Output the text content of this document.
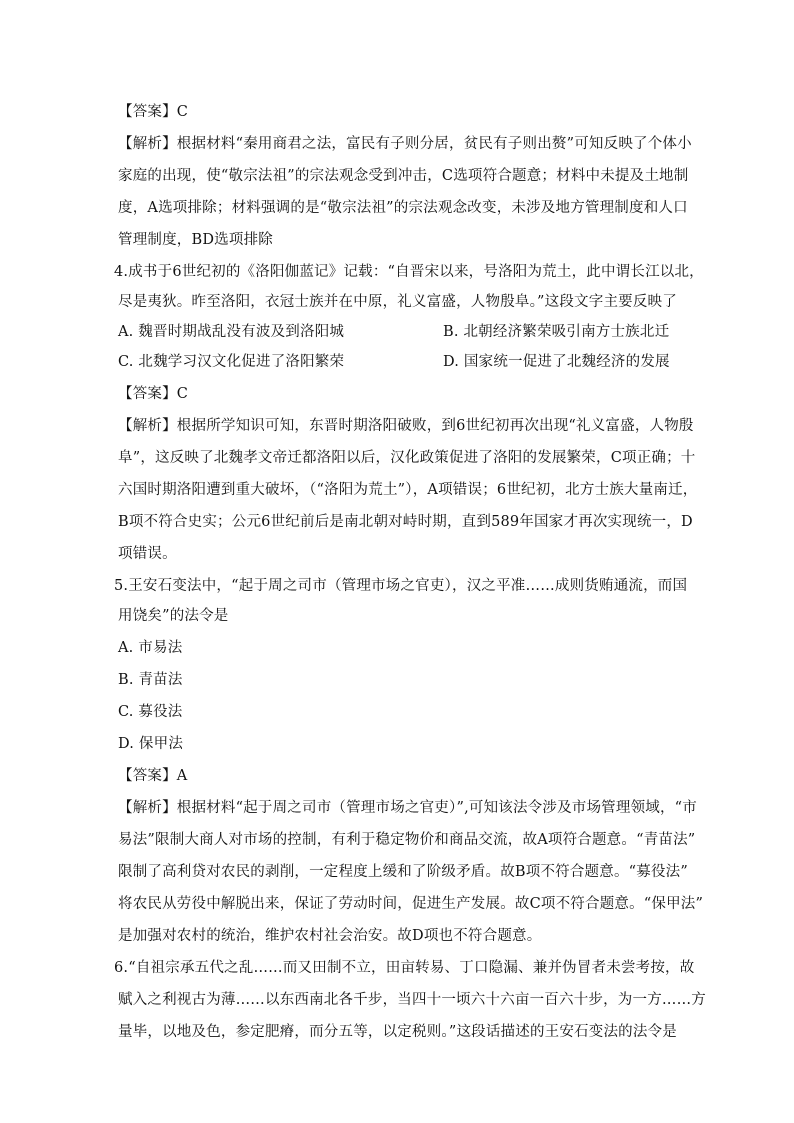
【答案】C
【解析】根据材料“秦用商君之法，富民有子则分居，贫民有子则出赘”可知反映了个体小
家庭的出现，使“敬宗法祖”的宗法观念受到冲击，C选项符合题意；材料中未提及土地制
度，A选项排除；材料强调的是“敬宗法祖”的宗法观念改变，未涉及地方管理制度和人口
管理制度，BD选项排除
4.成书于6世纪初的《洛阳伽蓝记》记载：“自晋宋以来，号洛阳为荒土，此中谓长江以北，
尽是夷狄。昨至洛阳，衣冠士族并在中原，礼义富盛，人物殷阜。”这段文字主要反映了
A. 魏晋时期战乱没有波及到洛阳城	B. 北朝经济繁荣吸引南方士族北迁
C. 北魏学习汉文化促进了洛阳繁荣	D. 国家统一促进了北魏经济的发展
【答案】C
【解析】根据所学知识可知，东晋时期洛阳破败，到6世纪初再次出现“礼义富盛，人物殷
阜”，这反映了北魏孝文帝迁都洛阳以后，汉化政策促进了洛阳的发展繁荣，C项正确；十
六国时期洛阳遭到重大破坏，（“洛阳为荒土”），A项错误；6世纪初，北方士族大量南迁，
B项不符合史实；公元6世纪前后是南北朝对峙时期，直到589年国家才再次实现统一，D
项错误。
5.王安石变法中，“起于周之司市（管理市场之官吏），汉之平准……成则货贿通流，而国
用饶矣”的法令是
A. 市易法
B. 青苗法
C. 募役法
D. 保甲法
【答案】A
【解析】根据材料“起于周之司市（管理市场之官吏）”,可知该法令涉及市场管理领域，“市
易法”限制大商人对市场的控制，有利于稳定物价和商品交流，故A项符合题意。“青苗法”
限制了高利贷对农民的剥削，一定程度上缓和了阶级矛盾。故B项不符合题意。“募役法”
将农民从劳役中解脱出来，保证了劳动时间，促进生产发展。故C项不符合题意。“保甲法”
是加强对农村的统治，维护农村社会治安。故D项也不符合题意。
6.“自祖宗承五代之乱……而又田制不立，田亩转易、丁口隐漏、兼并伪冒者未尝考按，故
赋入之利视古为薄……以东西南北各千步，当四十一顷六十六亩一百六十步，为一方……方
量毕，以地及色，参定肥瘠，而分五等，以定税则。”这段话描述的王安石变法的法令是
